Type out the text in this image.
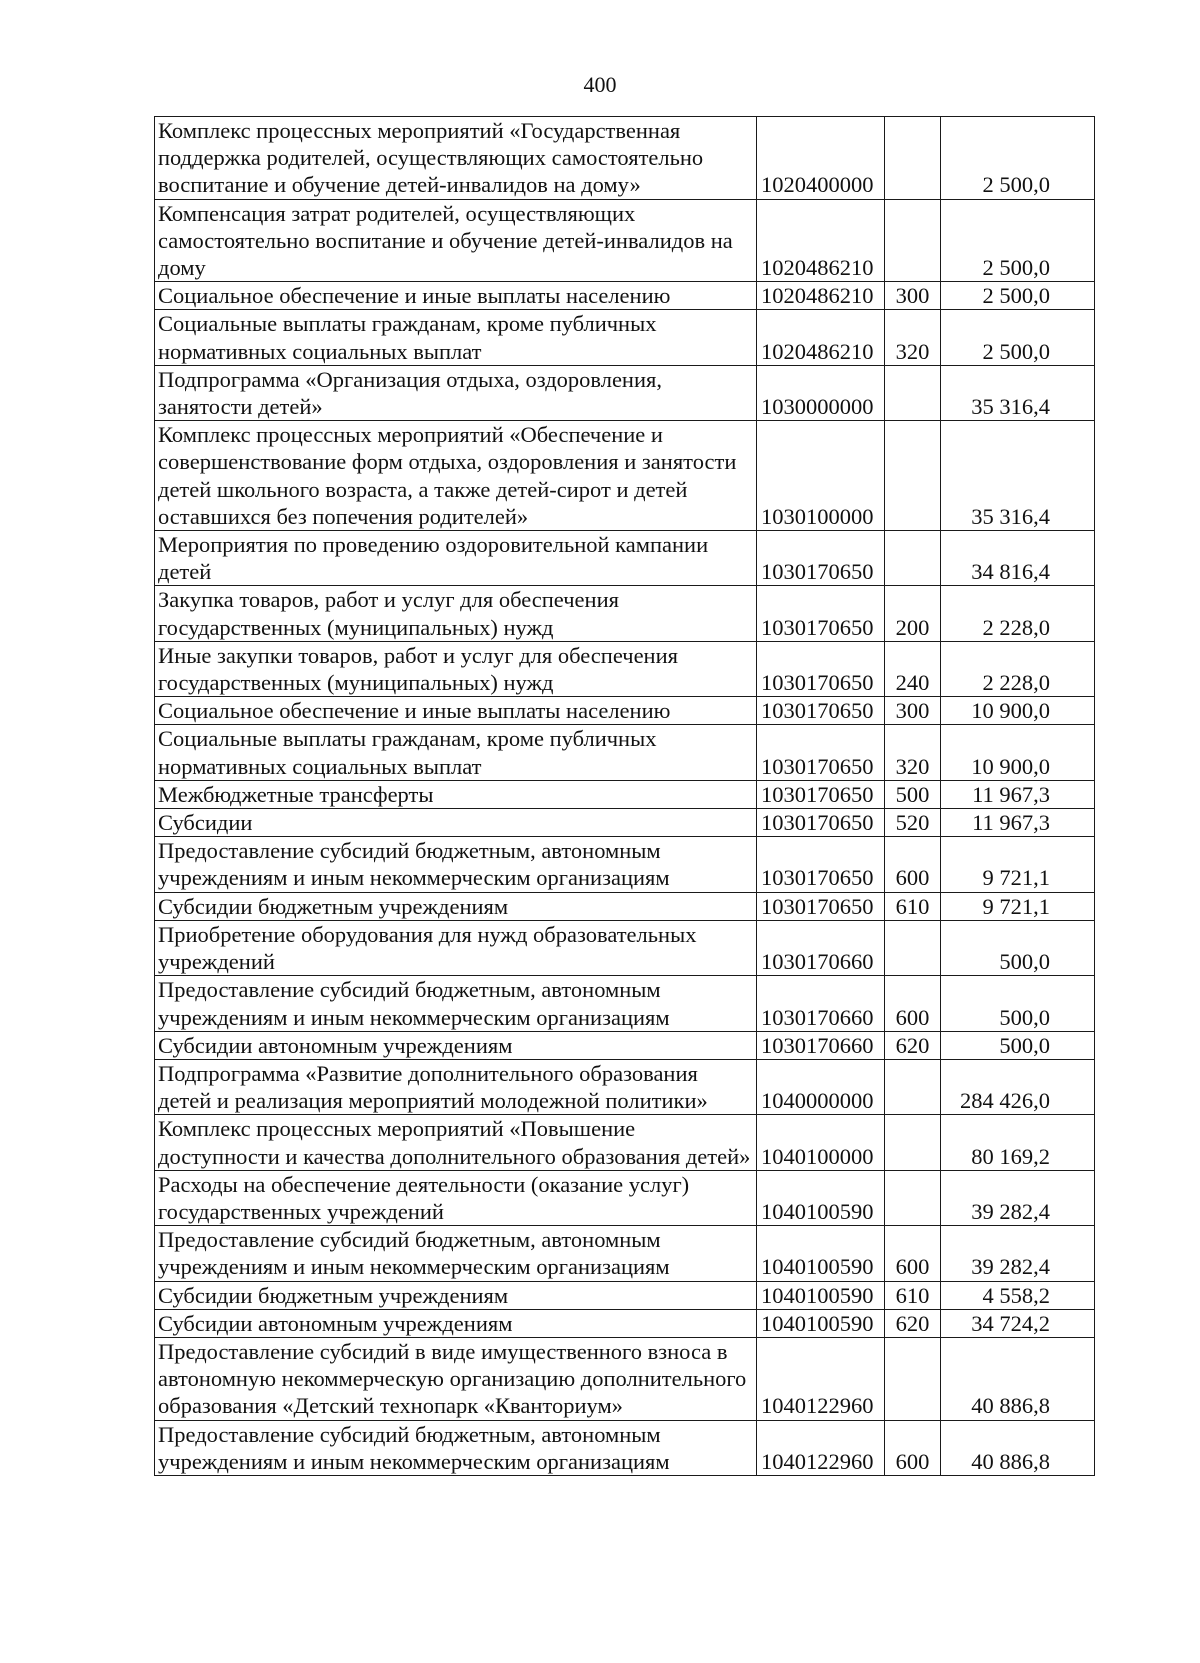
400
Комплекс процессных мероприятий «Государственная поддержка родителей, осуществляющих самостоятельно воспитание и обучение детей-инвалидов на дому»	1020400000		2 500,0
Компенсация затрат родителей, осуществляющих самостоятельно воспитание и обучение детей-инвалидов на дому	1020486210		2 500,0
Социальное обеспечение и иные выплаты населению	1020486210	300	2 500,0
Социальные выплаты гражданам, кроме публичных нормативных социальных выплат	1020486210	320	2 500,0
Подпрограмма «Организация отдыха, оздоровления, занятости детей»	1030000000		35 316,4
Комплекс процессных мероприятий «Обеспечение и совершенствование форм отдыха, оздоровления и занятости детей школьного возраста, а также детей-сирот и детей оставшихся без попечения родителей»	1030100000		35 316,4
Мероприятия по проведению оздоровительной кампании детей	1030170650		34 816,4
Закупка товаров, работ и услуг для обеспечения государственных (муниципальных) нужд	1030170650	200	2 228,0
Иные закупки товаров, работ и услуг для обеспечения государственных (муниципальных) нужд	1030170650	240	2 228,0
Социальное обеспечение и иные выплаты населению	1030170650	300	10 900,0
Социальные выплаты гражданам, кроме публичных нормативных социальных выплат	1030170650	320	10 900,0
Межбюджетные трансферты	1030170650	500	11 967,3
Субсидии	1030170650	520	11 967,3
Предоставление субсидий бюджетным, автономным учреждениям и иным некоммерческим организациям	1030170650	600	9 721,1
Субсидии бюджетным учреждениям	1030170650	610	9 721,1
Приобретение оборудования для нужд образовательных учреждений	1030170660		500,0
Предоставление субсидий бюджетным, автономным учреждениям и иным некоммерческим организациям	1030170660	600	500,0
Субсидии автономным учреждениям	1030170660	620	500,0
Подпрограмма «Развитие дополнительного образования детей и реализация мероприятий молодежной политики»	1040000000		284 426,0
Комплекс процессных мероприятий «Повышение доступности и качества дополнительного образования детей»	1040100000		80 169,2
Расходы на обеспечение деятельности (оказание услуг) государственных учреждений	1040100590		39 282,4
Предоставление субсидий бюджетным, автономным учреждениям и иным некоммерческим организациям	1040100590	600	39 282,4
Субсидии бюджетным учреждениям	1040100590	610	4 558,2
Субсидии автономным учреждениям	1040100590	620	34 724,2
Предоставление субсидий в виде имущественного взноса в автономную некоммерческую организацию дополнительного образования «Детский технопарк «Кванториум»	1040122960		40 886,8
Предоставление субсидий бюджетным, автономным учреждениям и иным некоммерческим организациям	1040122960	600	40 886,8
